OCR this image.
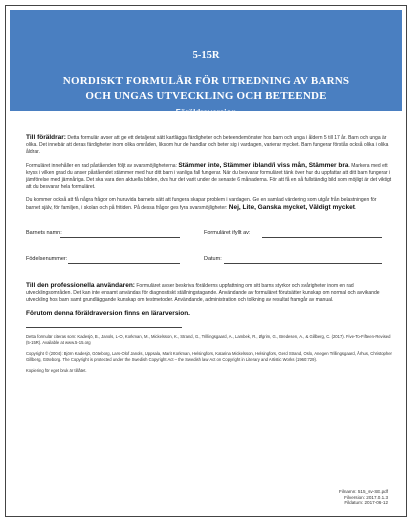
5-15R
NORDISKT FORMULÄR FÖR UTREDNING AV BARNS
OCH UNGAS UTVECKLING OCH BETEENDE
Föräldraversion

Till föräldrar: Detta formulär avser att ge ett detaljerat sätt kartlägga färdigheter och beteendemönster hos barn och unga i åldern 5 till 17 år. Barn och unga är olika. Det innebär att deras färdigheter inom olika områden, liksom hur de handlar och beter sig i vardagen, varierar mycket. Barn fungerar förstås också olika i olika åldrar.

Formuläret innehåller en rad påståenden följt av svarsmöjligheterna: Stämmer inte, Stämmer ibland/i viss mån, Stämmer bra. Markera med ett kryss i vilken grad du anser påståendet stämmer med hur ditt barn i vanliga fall fungerar. När du besvarar formuläret tänk över hur du uppfattar att ditt barn fungerar i jämförelse med jämnåriga. Det ska vara den aktuella bilden, dvs hur det varit under de senaste 6 månaderna. För att få en så fullständig bild som möjligt är det viktigt att du besvarar hela formuläret.

Du kommer också att få några frågor om huruvida barnets sätt att fungera skapar problem i vardagen. Ge en samlad värdering som utgår från belastningen för barnet själv, för familjen, i skolan och på fritiden. På dessa frågor ges fyra svarsmöjligheter: Nej, Lite, Ganska mycket, Väldigt mycket.

Barnets namn:	Formuläret ifyllt av:
Födelsenummer:	Datum:

Till den professionella användaren: Formuläret avser beskriva förälderns uppfattning om sitt barns styrkor och svårigheter inom en rad utvecklingsområden. Det kan inte ensamt användas för diagnostiskt ställningstagande. Användande av formuläret förutsätter kunskap om normal och avvikande utveckling hos barn samt grundläggande kunskap om testmetoder. Användande, administration och tolkning av resultat framgår av manual.

Förutom denna föräldraversion finns en lärarversion.

Detta formulär citeras som: Kadesjö, B., Janols, L-O, Korkman, M., Mickelsson, K., Strand, G., Trillingsgaard, A., Lambek, R., Øgrim, G., Bredesen, A., & Gillberg, C. (2017). Five-To-Fifteen-Revised (5-15R). Available at www.5-15.org

Copyright © (2004): Björn Kadesjö, Göteborg, Lars-Olof Janols, Uppsala, Marit Korkman, Helsingfors, Katarina Mickelsson, Helsingfors, Gerd Strand, Oslo, Anegen Trillingsgaard, Århus, Christopher Gillberg, Göteborg. The Copyright is protected under the Swedish Copyright Act – the Swedish law Act on Copyright in Literary and Artistic Works (1960:729).

Kopiering för eget bruk är tillåtet.

Filnamn: 515_sv-SE.pdf
Filversion: 2017.0.1.3
Fildatum: 2017-06-12
